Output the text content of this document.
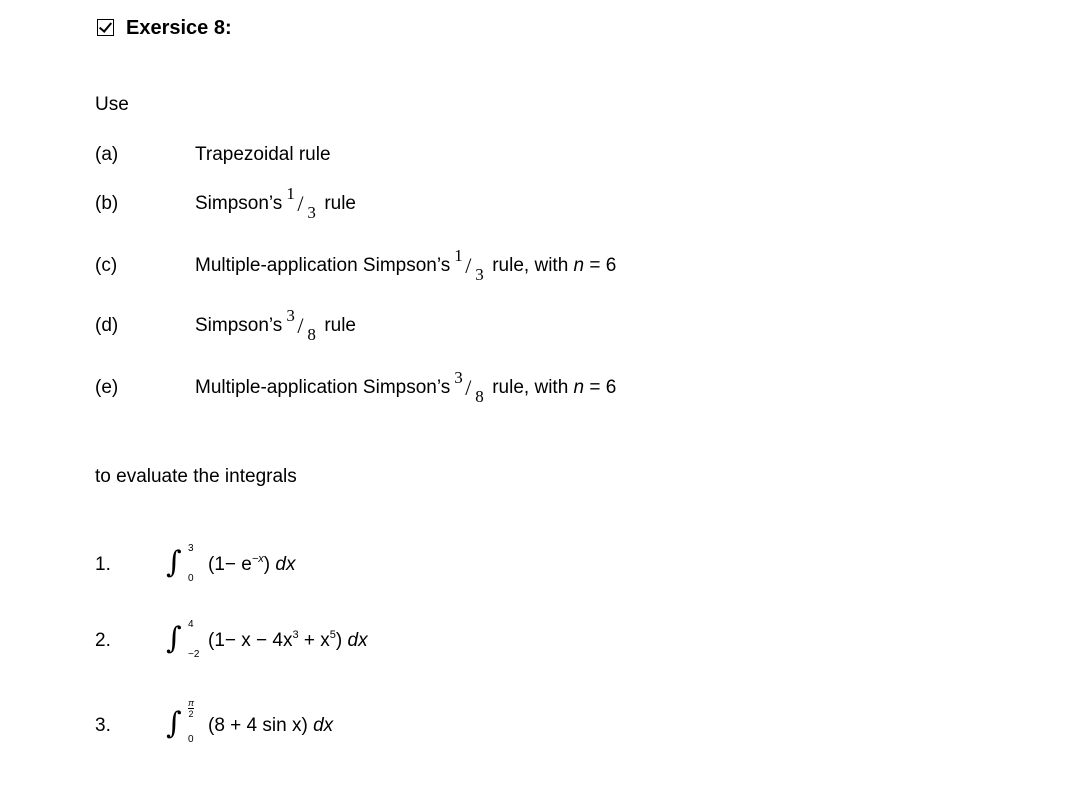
Exersice 8:
Use
(a)	Trapezoidal rule
(b)	Simpson’s 1 / 3 rule
(c)	Multiple-application Simpson’s 1 / 3 rule, with n = 6
(d)	Simpson’s 3 / 8 rule
(e)	Multiple-application Simpson’s 3 / 8 rule, with n = 6
to evaluate the integrals
1. ∫ 3
0
$(1- e^{-x})$ dx
2. ∫ 4
−2
$(1- x - 4x^3 + x^5)$ dx
3. ∫ $\frac{\pi}{2}$
0
(8 + 4 sin x) dx
